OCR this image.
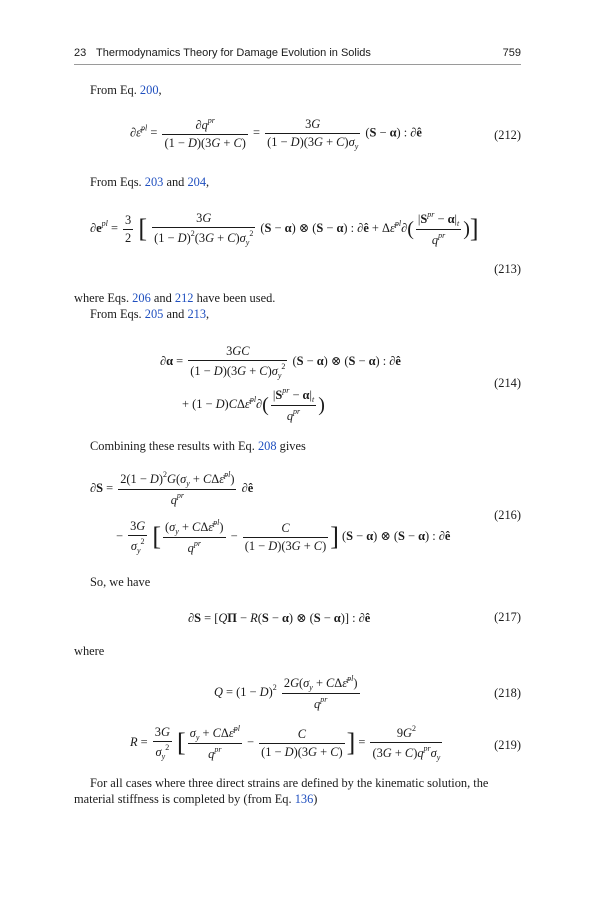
23 Thermodynamics Theory for Damage Evolution in Solids	759
From Eq. 200,
∂ε̄$^{pl}$ = $\frac{\partial q^{pr}}{(1 - D)(3G + C)} = \frac{3G}{(1 - D)(3G + C)\sigma_y} (S - \alpha)$ : ∂ê	(212)
From Eqs. 203 and 204,
$\partial e^{pl} = \frac{3}{2}$ [ $\frac{3G}{(1 - D)^2(3G + C)\sigma_y^2} (S - \alpha)$ ⊗ (S − α) : ∂ê + Δε̄$^{pl}$∂( $\frac{|S^{pr} - \alpha|_t}{q^{pr}}$ )]
(213)
where Eqs. 206 and 212 have been used.
From Eqs. 205 and 213,
$\partial\alpha = \frac{3GC}{(1 - D)(3G + C)\sigma_y^2} (S - \alpha)$ ⊗ (S − α) : ∂ê
+ (1 − D)CΔε̄$^{pl}$∂( $\frac{|S^{pr} - \alpha|_t}{q^{pr}}$ )
(214)
Combining these results with Eq. 208 gives
$\partial S = \frac{2(1 - D)^2G(\sigma_y + C\Delta\varepsilon̄^{pl})}{q^{pr}}$ ∂ê
− $\frac{3G}{\sigma_y^2}$ [ $\frac{(\sigma_y + C\Delta\varepsilon̄^{pl})}{q^{pr}} - \frac{C}{(1 - D)(3G + C)}$ ] (S − α) ⊗ (S − α) : ∂ê
(216)
So, we have
∂S = [QΠ − R(S − α) ⊗ (S − α)] : ∂ê	(217)
where
$Q = (1 - D)^2 \frac{2G(\sigma_y + C\Delta\varepsilon̄^{pl})}{q^{pr}}$	(218)
$R = \frac{3G}{\sigma_y^2}$ [ $\frac{\sigma_y + C\Delta\varepsilon̄^{pl}}{q^{pr}} - \frac{C}{(1 - D)(3G + C)}$ ] = $\frac{9G^2}{(3G + C)q^{pr}\sigma_y}$	(219)
For all cases where three direct strains are defined by the kinematic solution, the
material stiffness is completed by (from Eq. 136)
